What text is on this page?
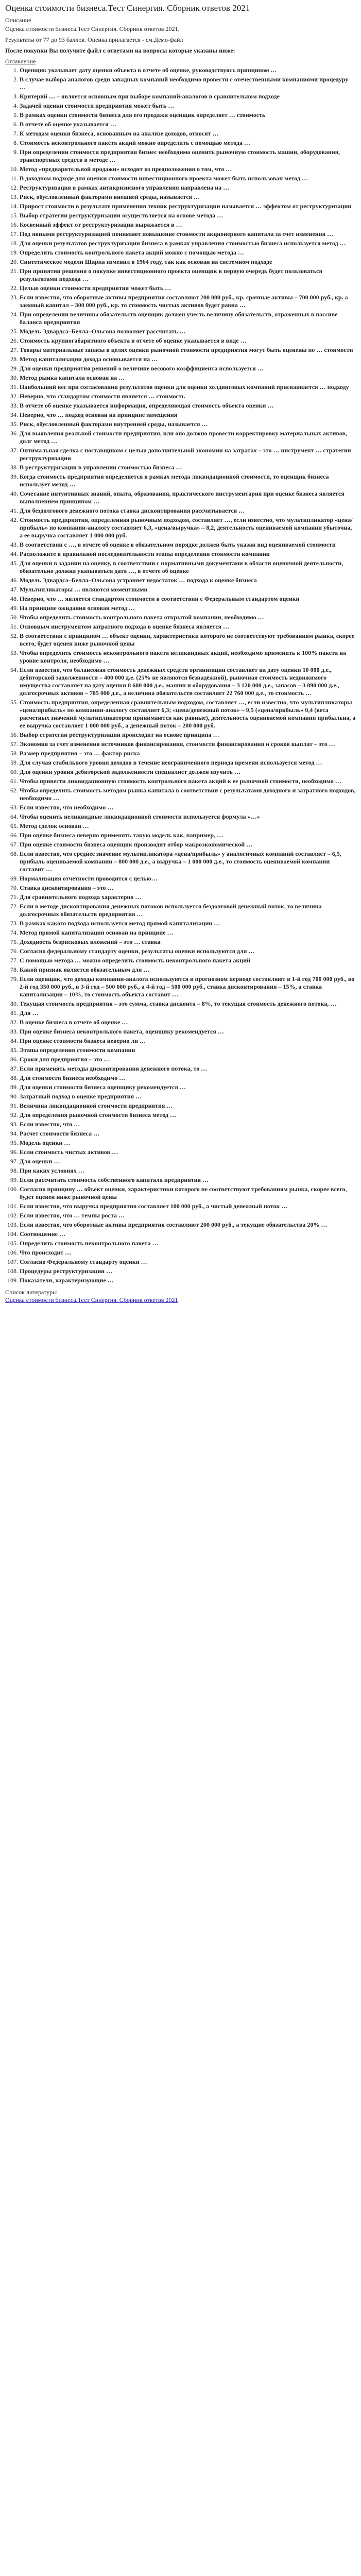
Оценка стоимости бизнеса.Тест Синергия. Сборник ответов 2021
Описание

Оценка стоимости бизнеса.Тест Синергия. Сборник ответов 2021.

Результаты от 77 до 93 баллов. Оценка прилагается - см.Демо-файл

После покупки Вы получите файл с ответами на вопросы которые указаны ниже:

Оглавление
1. Оценщик указывает дату оценки объекта в отчете об оценке, руководствуясь принципом …
2. В случае выбора аналогов среди западных компаний необходимо провести с отечественными компаниями процедуру …
3. Критерий … – является основным при выборе компаний-аналогов в сравнительном подходе
4. Задачей оценки стоимости предприятия может быть …
5. В рамках оценки стоимости бизнеса для его продажи оценщик определяет … стоимость
6. В отчете об оценке указывается …
7. К методам оценки бизнеса, основанным на анализе доходов, относят …
8. Стоимость неконтрольного пакета акций можно определить с помощью метода …
9. При определении стоимости предприятия бизнес необходимо оценить рыночную стоимость машин, оборудования, транспортных средств в методе …
10. Метод «предварительной продажи» исходит из предположения о том, что …
11. В доходном подходе для оценки стоимости инвестиционного проекта может быть использован метод …
12. Реструктуризация в рамках антикризисного управления направлена на …
13. Риск, обусловленный факторами внешней среды, называется …
14. Прирост стоимости в результате применения техник реструктуризации называется … эффектом от реструктуризации
15. Выбор стратегии реструктуризации осуществляется на основе метода …
16. Косвенный эффект от реструктуризации выражается в …
17. Под явными реструктуризацией понимают повышение стоимости акционерного капитала за счет изменения …
18. Для оценки результатов реструктуризации бизнеса в рамках управления стоимостью бизнеса используется метод …
19. Определить стоимость контрольного пакета акций можно с помощью метода …
20. Синтетическое модели Шарпа изменил в 1964 году, так как основан на системном подходе
21. При принятии решения о покупке инвестиционного проекта оценщик в первую очередь будет пользоваться результатами подхода …
22. Целью оценки стоимости предприятия может быть …
23. Если известно, что оборотные активы предприятия составляют 200 000 руб., кр. срочные активы – 700 000 руб., кр. а заемный капитал – 300 000 руб., кр. то стоимость чистых активов будет равна …
24. При определении величины обязательств оценщик должен учесть величину обязательств, отраженных в пассиве баланса предприятия
25. Модель Эдвардса–Белла–Ольсона позволяет рассчитать …
26. Стоимость крупногабаритного объекта в отчете об оценке указывается в виде …
27. Товары материальные запасы в целях оценки рыночной стоимости предприятия могут быть оценены по … стоимости
28. Метод капитализации дохода основывается на …
29. Для оценки предприятия решений о величине весового коэффициента используется …
30. Метод рынка капитала основан на …
31. Наибольший вес при согласовании результатов оценки для оценки холдинговых компаний присваивается … подходу
32. Неверно, что стандартом стоимости является … стоимость
33. В отчете об оценке указывается информация, определяющая стоимость объекта оценки …
34. Неверно, что … подход основан на принципе замещения
35. Риск, обусловленный факторами внутренней среды, называется …
36. Для выявления реальной стоимости предприятия, или оно должно провести корректировку материальных активов, долг метод …
37. Оптимальная сделка с поставщиком с целью дополнительной экономии на затратах – это … инструмент … стратегии реструктуризации
38. В реструктуризации в управлении стоимостью бизнеса …
39. Когда стоимость предприятия определяется в рамках метода ликвидационной стоимости, то оценщик бизнеса использует метод …
40. Сочетание интуитивных знаний, опыта, образования, практического инструментария при оценке бизнеса является выполнением принципом …
41. Для бездолгового денежного потока ставка дисконтирования рассчитывается …
42. Стоимость предприятия, определенная рыночным подходом, составляет …, если известно, что мультипликатор «цена/прибыль» по компании-аналогу составляет 6,3, «цена/выручка» – 8,2, деятельность оцениваемой компании убыточна, а ее выручка составляет 1 000 000 руб.
43. В соответствии с …, в отчете об оценке в обязательном порядке должен быть указан вид оцениваемой стоимости
44. Расположите в правильной последовательности этапы определения стоимости компании
45. Для оценки в задании на оценку, в соответствии с нормативными документами в области оценочной деятельности, обязательно должна указываться дата …, в отчете об оценке
46. Модель Эдвардса–Белла–Ольсона устраняет недостаток … подхода к оценке бизнеса
47. Мультипликаторы … являются моментными
48. Неверно, что … является стандартом стоимости в соответствии с Федеральным стандартом оценки
49. На принципе ожидания основан метод …
50. Чтобы определить стоимость контрольного пакета открытой компании, необходимо …
51. Основным инструментом затратного подхода в оценке бизнеса является …
52. В соответствии с принципом … объект оценки, характеристики которого не соответствуют требованиям рынка, скорее всего, будет оценен ниже рыночной цены
53. Чтобы определить стоимость неконтрольного пакета неликвидных акций, необходимо применить к 100% пакета на уровне контроля, необходимо …
54. Если известно, что балансовая стоимость денежных средств организации составляет на дату оценки 10 000 д.е., дебиторской задолженности – 400 000 д.е. (25% не являются безнадёжной), рыночная стоимость недвижимого имущества составляет на дату оценки 8 600 000 д.е., машин и оборудования – 3 120 000 д.е., запасов – 3 890 000 д.е., долгосрочных активов – 785 000 д.е., а величина обязательств составляет 22 760 000 д.е., то стоимость …
55. Стоимость предприятия, определенная сравнительным подходом, составляет …, если известно, что мультипликаторы «цена/прибыль» по компании-аналогу составляет 6,3; «цена/денежный поток» – 9,5 («цена/прибыль» 0,4 (веса расчетных значений мультипликаторов принимаются как равные), деятельность оцениваемой компании прибыльна, а ее выручка составляет 1 000 000 руб., а денежный поток – 200 000 руб.
56. Выбор стратегии реструктуризации происходит на основе принципа …
57. Экономия за счет изменения источников финансирования, стоимости финансирования и сроков выплат – это …
58. Размер предприятия – это … фактор риска
59. Для случая стабильного уровня доходов в течение неограниченного периода времени используется метод …
60. Для оценки уровня дебиторской задолженности специалист должен изучить …
61. Чтобы привести ликвидационную стоимость контрольного пакета акций к ее рыночной стоимости, необходимо …
62. Чтобы определить стоимость методом рынка капитала в соответствии с результатами доходного и затратного подходов, необходимо …
63. Если известно, что необходимо …
64. Чтобы оценить неликвидные ликвидационной стоимости используется формула «…»
65. Метод сделок основан …
66. При оценке бизнеса неверно применять такую модель как, например, …
67. При оценке стоимости бизнеса оценщик производит отбор макроэкономической …
68. Если известно, что среднее значение мультипликатора «цена/прибыль» у аналогичных компаний составляет – 6,5, прибыль оцениваемой компании – 800 000 д.е., а выручка – 1 000 000 д.е., то стоимость оцениваемой компании составит …
69. Нормализация отчетности проводится с целью…
70. Ставка дисконтирования – это …
71. Для сравнительного подхода характерно …
72. Если в методе дисконтирования денежных потоков используется бездолговой денежный поток, то величина долгосрочных обязательств предприятия …
73. В рамках какого подхода используется метод прямой капитализации …
74. Метод прямой капитализации основан на принципе …
75. Доходность безрисковых вложений – это … ставка
76. Согласно федеральному стандарту оценки, результаты оценки используются для …
77. С помощью метода … можно определить стоимость неконтрольного пакета акций
78. Какой признак является обязательным для …
79. Если оценщик, что доходы компании-аналога используются в прогнозном периоде составляют в 1-й год 700 000 руб., во 2-й год 350 000 руб., в 3-й год – 500 000 руб., а 4-й год – 500 000 руб., ставка дисконтирования – 15%, а ставка капитализации – 10%, то стоимость объекта составит …
80. Текущая стоимость предприятия – это сумма, ставка дисконта – 8%, то текущая стоимость денежного потока, …
81. Для …
82. В оценке бизнеса в отчете об оценке …
83. При оценке бизнеса неконтрольного пакета, оценщику рекомендуется …
84. При оценке стоимости бизнеса неверно ли …
85. Этапы определения стоимости компании
86. Сроки для предприятия – это …
87. Если применять методы дисконтирования денежного потока, то …
88. Для стоимости бизнеса необходимо …
89. Для оценки стоимости бизнеса оценщику рекомендуется …
90. Затратный подход в оценке предприятия …
91. Величина ликвидационной стоимости предприятия …
92. Для определения рыночной стоимости бизнеса метод …
93. Если известно, что …
94. Расчет стоимости бизнеса …
95. Модель оценки …
96. Если стоимость чистых активов …
97. Для оценки …
98. При каких условиях …
99. Если рассчитать стоимость собственного капитала предприятия …
100. Согласно принципу … объект оценки, характеристики которого не соответствуют требованиям рынка, скорее всего, будет оценен ниже рыночной цены
101. Если известно, что выручка предприятия составляет 100 000 руб., а чистый денежный поток …
102. Если известно, что … темпы роста …
103. Если известно, что оборотные активы предприятия составляют 200 000 руб., а текущие обязательства 20% …
104. Соотношение …
105. Определить стоимость неконтрольного пакета …
106. Что происходит …
107. Согласно Федеральному стандарту оценки …
108. Процедуры реструктуризации …
109. Показатели, характеризующие …
Список литературы
Оценка стоимости бизнеса.Тест Синергия. Сборник ответов 2021
